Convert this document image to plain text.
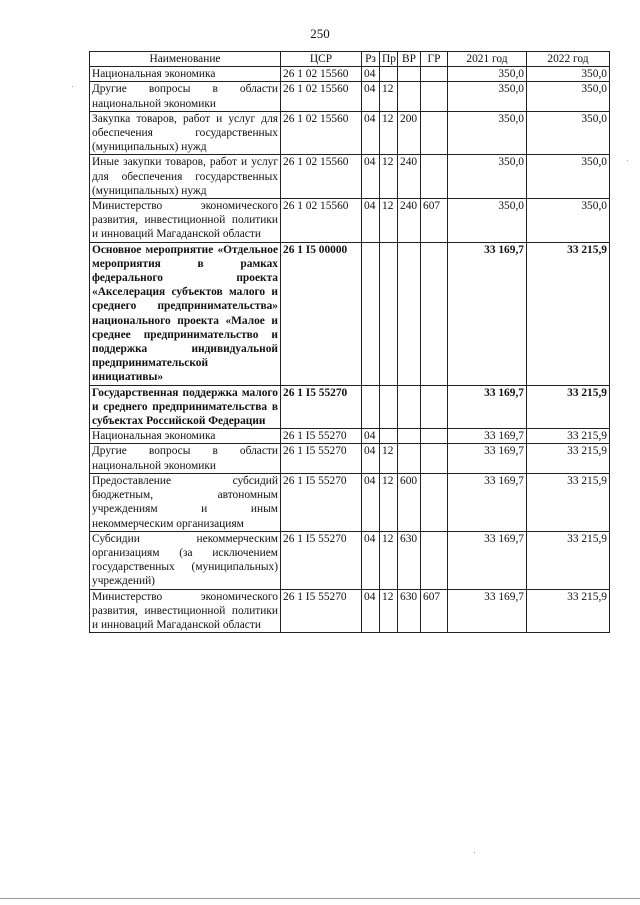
250
Наименование	ЦСР	Рз	Пр	ВР	ГР	2021 год	2022 год
Национальная экономика	26 1 02 15560	04				350,0	350,0
Другие вопросы в области национальной экономики	26 1 02 15560	04	12			350,0	350,0
Закупка товаров, работ и услуг для обеспечения государственных (муниципальных) нужд	26 1 02 15560	04	12	200		350,0	350,0
Иные закупки товаров, работ и услуг для обеспечения государственных (муниципальных) нужд	26 1 02 15560	04	12	240		350,0	350,0
Министерство экономического развития, инвестиционной политики и инноваций Магаданской области	26 1 02 15560	04	12	240	607	350,0	350,0
Основное мероприятие «Отдельное мероприятия в рамках федерального проекта «Акселерация субъектов малого и среднего предпринимательства» национального проекта «Малое и среднее предпринимательство и поддержка индивидуальной предпринимательской инициативы»	26 1 I5 00000					33 169,7	33 215,9
Государственная поддержка малого и среднего предпринимательства в субъектах Российской Федерации	26 1 I5 55270					33 169,7	33 215,9
Национальная экономика	26 1 I5 55270	04				33 169,7	33 215,9
Другие вопросы в области национальной экономики	26 1 I5 55270	04	12			33 169,7	33 215,9
Предоставление субсидий бюджетным, автономным учреждениям и иным некоммерческим организациям	26 1 I5 55270	04	12	600		33 169,7	33 215,9
Субсидии некоммерческим организациям (за исключением государственных (муниципальных) учреждений)	26 1 I5 55270	04	12	630		33 169,7	33 215,9
Министерство экономического развития, инвестиционной политики и инноваций Магаданской области	26 1 I5 55270	04	12	630	607	33 169,7	33 215,9
